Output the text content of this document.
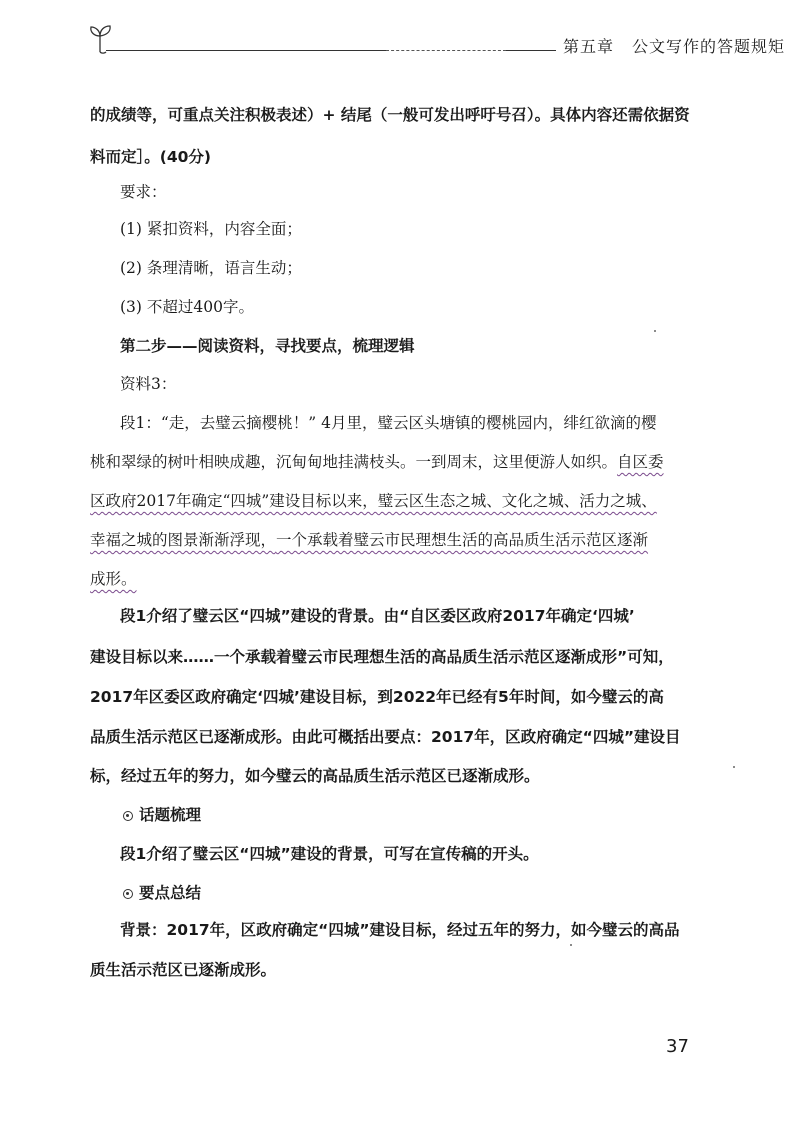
第五章 公文写作的答题规矩
的成绩等，可重点关注积极表述）+ 结尾（一般可发出呼吁号召）。具体内容还需依据资
料而定］。(40分)
要求：
(1) 紧扣资料，内容全面；
(2) 条理清晰，语言生动；
(3) 不超过400字。
第二步——阅读资料，寻找要点，梳理逻辑
资料3：
段1：“走，去璧云摘樱桃！” 4月里，璧云区头塘镇的樱桃园内，绯红欲滴的樱
桃和翠绿的树叶相映成趣，沉甸甸地挂满枝头。一到周末，这里便游人如织。自区委
区政府2017年确定“四城”建设目标以来，璧云区生态之城、文化之城、活力之城、
幸福之城的图景渐渐浮现，一个承载着璧云市民理想生活的高品质生活示范区逐渐
成形。
段1介绍了璧云区“四城”建设的背景。由“自区委区政府2017年确定‘四城’
建设目标以来……一个承载着璧云市民理想生活的高品质生活示范区逐渐成形”可知，
2017年区委区政府确定‘四城’建设目标，到2022年已经有5年时间，如今璧云的高
品质生活示范区已逐渐成形。由此可概括出要点：2017年，区政府确定“四城”建设目
标，经过五年的努力，如今璧云的高品质生活示范区已逐渐成形。
话题梳理
段1介绍了璧云区“四城”建设的背景，可写在宣传稿的开头。
要点总结
背景：2017年，区政府确定“四城”建设目标，经过五年的努力，如今璧云的高品
质生活示范区已逐渐成形。
37
